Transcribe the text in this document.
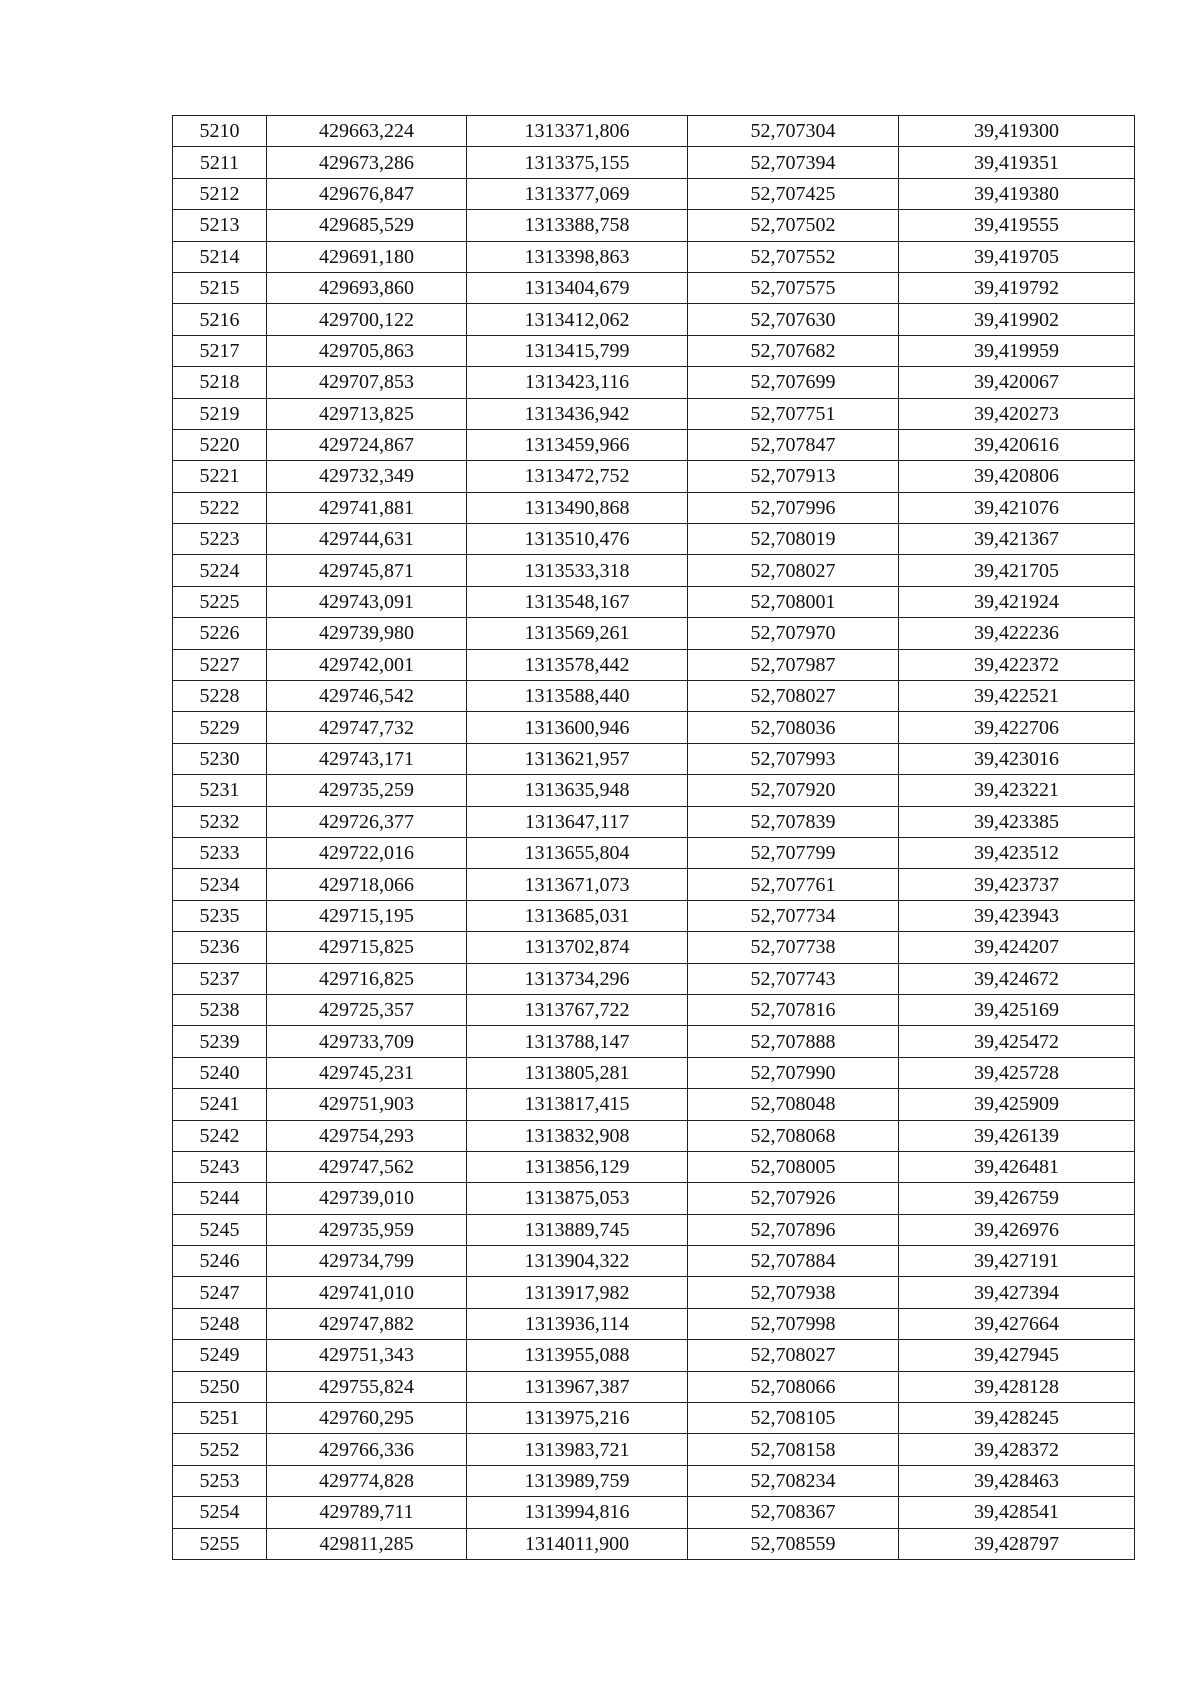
5210	429663,224	1313371,806	52,707304	39,419300
5211	429673,286	1313375,155	52,707394	39,419351
5212	429676,847	1313377,069	52,707425	39,419380
5213	429685,529	1313388,758	52,707502	39,419555
5214	429691,180	1313398,863	52,707552	39,419705
5215	429693,860	1313404,679	52,707575	39,419792
5216	429700,122	1313412,062	52,707630	39,419902
5217	429705,863	1313415,799	52,707682	39,419959
5218	429707,853	1313423,116	52,707699	39,420067
5219	429713,825	1313436,942	52,707751	39,420273
5220	429724,867	1313459,966	52,707847	39,420616
5221	429732,349	1313472,752	52,707913	39,420806
5222	429741,881	1313490,868	52,707996	39,421076
5223	429744,631	1313510,476	52,708019	39,421367
5224	429745,871	1313533,318	52,708027	39,421705
5225	429743,091	1313548,167	52,708001	39,421924
5226	429739,980	1313569,261	52,707970	39,422236
5227	429742,001	1313578,442	52,707987	39,422372
5228	429746,542	1313588,440	52,708027	39,422521
5229	429747,732	1313600,946	52,708036	39,422706
5230	429743,171	1313621,957	52,707993	39,423016
5231	429735,259	1313635,948	52,707920	39,423221
5232	429726,377	1313647,117	52,707839	39,423385
5233	429722,016	1313655,804	52,707799	39,423512
5234	429718,066	1313671,073	52,707761	39,423737
5235	429715,195	1313685,031	52,707734	39,423943
5236	429715,825	1313702,874	52,707738	39,424207
5237	429716,825	1313734,296	52,707743	39,424672
5238	429725,357	1313767,722	52,707816	39,425169
5239	429733,709	1313788,147	52,707888	39,425472
5240	429745,231	1313805,281	52,707990	39,425728
5241	429751,903	1313817,415	52,708048	39,425909
5242	429754,293	1313832,908	52,708068	39,426139
5243	429747,562	1313856,129	52,708005	39,426481
5244	429739,010	1313875,053	52,707926	39,426759
5245	429735,959	1313889,745	52,707896	39,426976
5246	429734,799	1313904,322	52,707884	39,427191
5247	429741,010	1313917,982	52,707938	39,427394
5248	429747,882	1313936,114	52,707998	39,427664
5249	429751,343	1313955,088	52,708027	39,427945
5250	429755,824	1313967,387	52,708066	39,428128
5251	429760,295	1313975,216	52,708105	39,428245
5252	429766,336	1313983,721	52,708158	39,428372
5253	429774,828	1313989,759	52,708234	39,428463
5254	429789,711	1313994,816	52,708367	39,428541
5255	429811,285	1314011,900	52,708559	39,428797
